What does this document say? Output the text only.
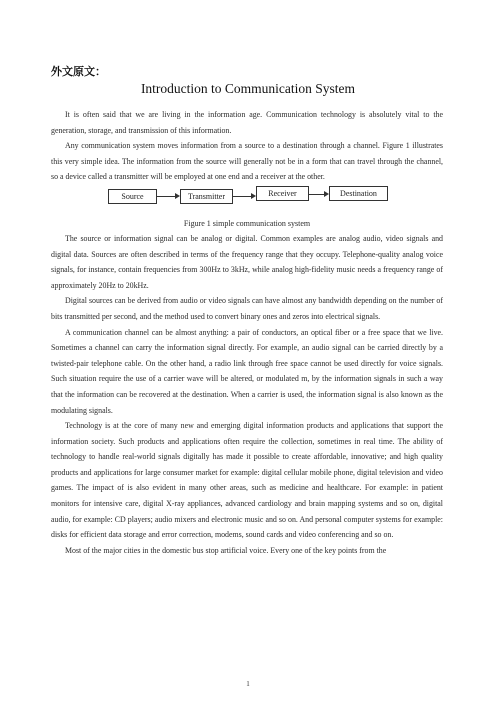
外文原文：
Introduction to Communication System

It is often said that we are living in the information age. Communication technology is absolutely vital to the generation, storage, and transmission of this information.

Any communication system moves information from a source to a destination through a channel. Figure 1 illustrates this very simple idea. The information from the source will generally not be in a form that can travel through the channel, so a device called a transmitter will be employed at one end and a receiver at the other.

Source	Transmitter	Receiver	Destination
Figure 1 simple communication system

The source or information signal can be analog or digital. Common examples are analog audio, video signals and digital data. Sources are often described in terms of the frequency range that they occupy. Telephone-quality analog voice signals, for instance, contain frequencies from 300Hz to 3kHz, while analog high-fidelity music needs a frequency range of approximately 20Hz to 20kHz.

Digital sources can be derived from audio or video signals can have almost any bandwidth depending on the number of bits transmitted per second, and the method used to convert binary ones and zeros into electrical signals.

A communication channel can be almost anything: a pair of conductors, an optical fiber or a free space that we live. Sometimes a channel can carry the information signal directly. For example, an audio signal can be carried directly by a twisted-pair telephone cable. On the other hand, a radio link through free space cannot be used directly for voice signals. Such situation require the use of a carrier wave will be altered, or modulated m, by the information signals in such a way that the information can be recovered at the destination. When a carrier is used, the information signal is also known as the modulating signals.

Technology is at the core of many new and emerging digital information products and applications that support the information society. Such products and applications often require the collection, sometimes in real time. The ability of technology to handle real-world signals digitally has made it possible to create affordable, innovative; and high quality products and applications for large consumer market for example: digital cellular mobile phone, digital television and video games. The impact of is also evident in many other areas, such as medicine and healthcare. For example: in patient monitors for intensive care, digital X-ray appliances, advanced cardiology and brain mapping systems and so on, digital audio, for example: CD players; audio mixers and electronic music and so on. And personal computer systems for example: disks for efficient data storage and error correction, modems, sound cards and video conferencing and so on.

Most of the major cities in the domestic bus stop artificial voice. Every one of the key points from the

1
